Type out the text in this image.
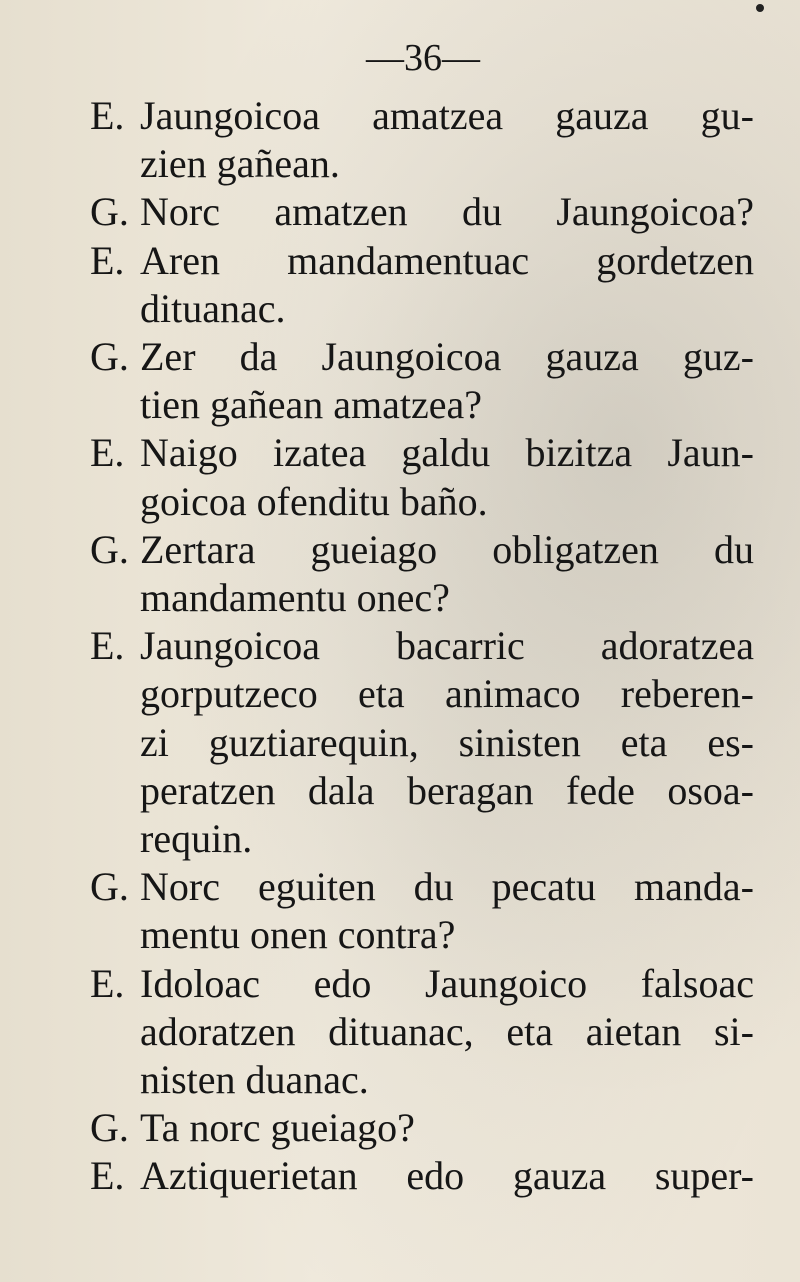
—36—
E. Jaungoicoa amatzea gauza gu-
zien gañean.
G. Norc amatzen du Jaungoicoa?
E. Aren mandamentuac gordetzen
dituanac.
G. Zer da Jaungoicoa gauza guz-
tien gañean amatzea?
E. Naigo izatea galdu bizitza Jaun-
goicoa ofenditu baño.
G. Zertara gueiago obligatzen du
mandamentu onec?
E. Jaungoicoa bacarric adoratzea
gorputzeco eta animaco reberen-
zi guztiarequin, sinisten eta es-
peratzen dala beragan fede osoa-
requin.
G. Norc eguiten du pecatu manda-
mentu onen contra?
E. Idoloac edo Jaungoico falsoac
adoratzen dituanac, eta aietan si-
nisten duanac.
G. Ta norc gueiago?
E. Aztiquerietan edo gauza super-
